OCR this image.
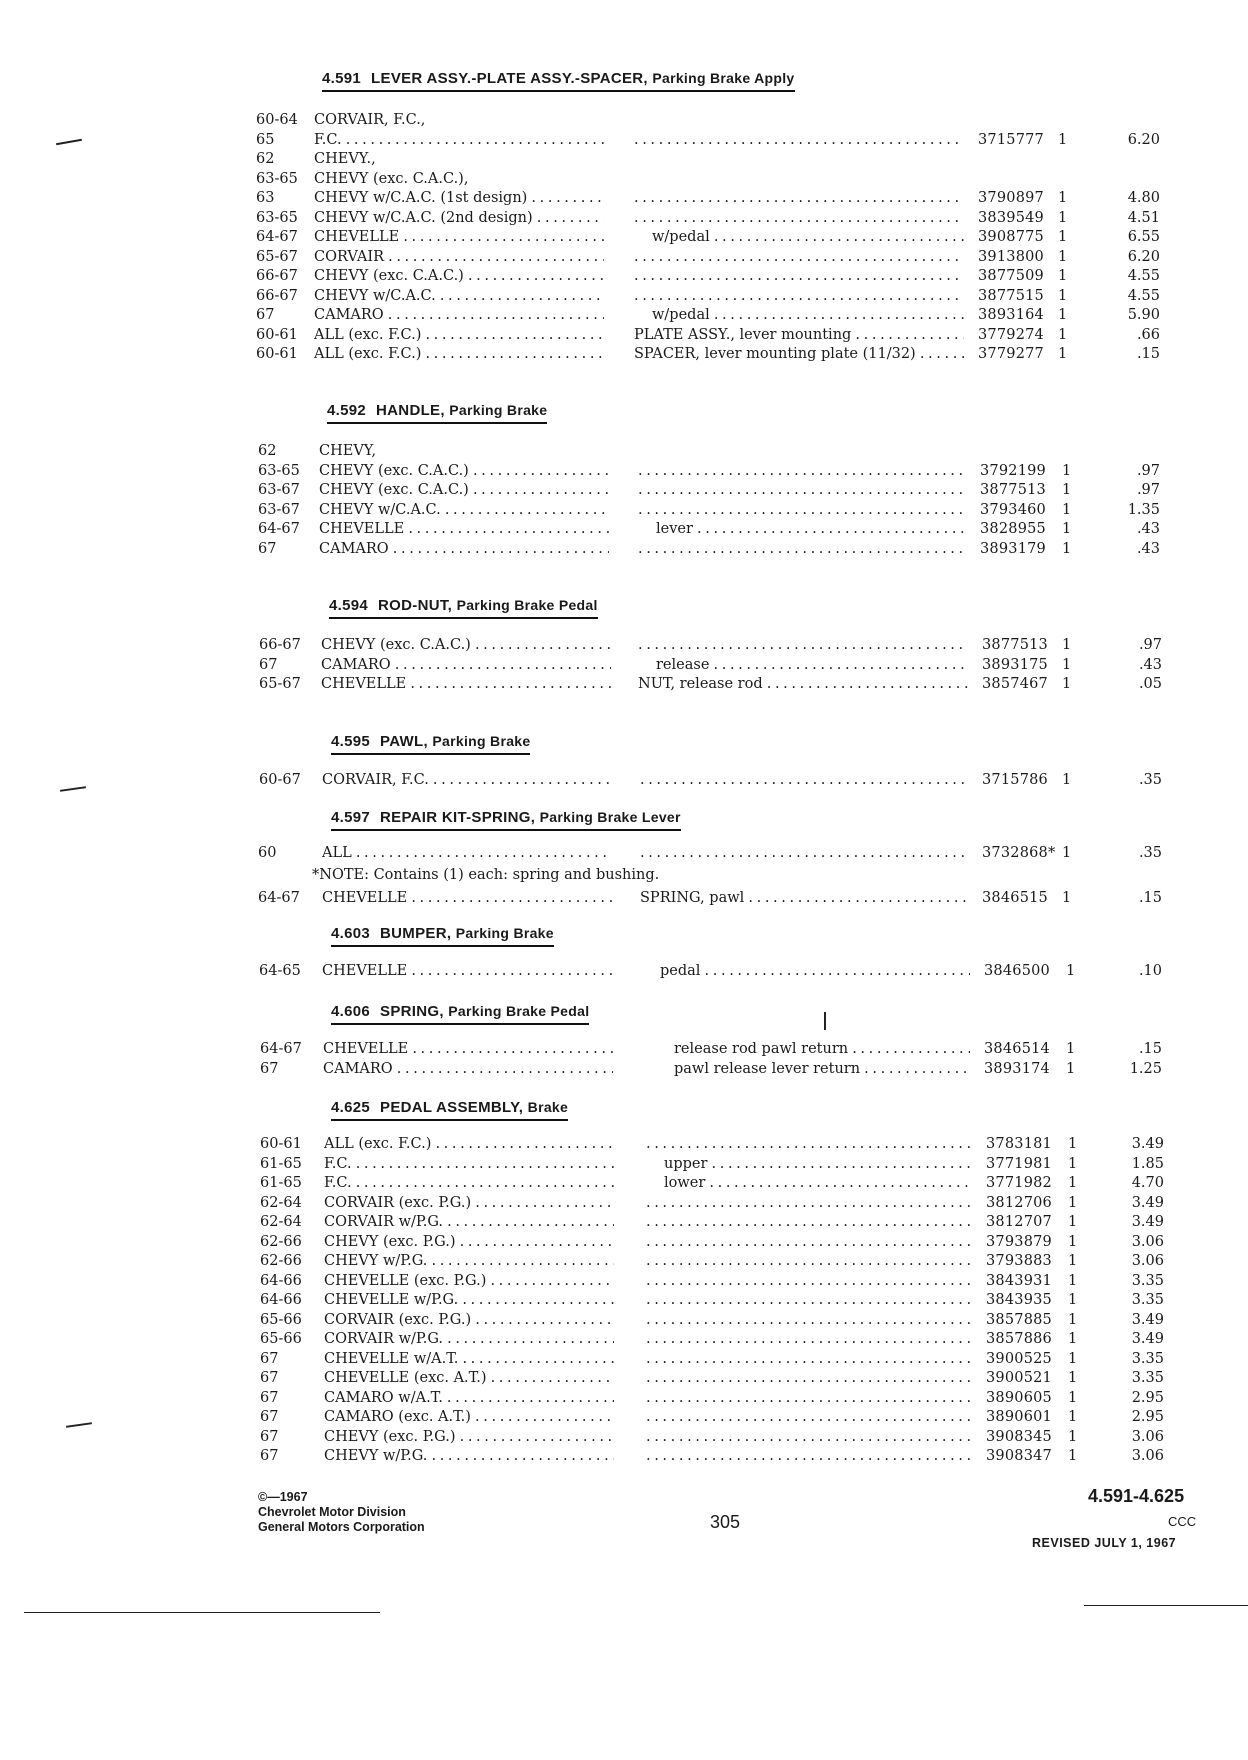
4.591 LEVER ASSY.-PLATE ASSY.-SPACER, Parking Brake Apply
60-64 CORVAIR, F.C.,
65	F.C. . . . . . .	3715777 1	6.20
62	CHEVY.,
63-65 CHEVY (exc. C.A.C.),
63	CHEVY w/C.A.C. (1st design) . . . . . .	3790897 1	4.80
63-65 CHEVY w/C.A.C. (2nd design) . . . . . .	3839549 1	4.51
64-67 CHEVELLE . . .	w/pedal . . .	3908775 1	6.55
65-67 CORVAIR . . . . . .	3913800 1	6.20
66-67 CHEVY (exc. C.A.C.) . . . . . .	3877509 1	4.55
66-67 CHEVY w/C.A.C. . . . . . .	3877515 1	4.55
67	CAMARO . . .	w/pedal . . .	3893164 1	5.90
60-61 ALL (exc. F.C.) . . .	PLATE ASSY., lever mounting . . .	3779274 1	.66
60-61 ALL (exc. F.C.) . . .	SPACER, lever mounting plate (11/32) . . .	3779277 1	.15
4.592 HANDLE, Parking Brake
62	CHEVY,
63-65 CHEVY (exc. C.A.C.) . . . . . .	3792199 1	.97
63-67 CHEVY (exc. C.A.C.) . . . . . .	3877513 1	.97
63-67 CHEVY w/C.A.C. . . . . . .	3793460 1	1.35
64-67 CHEVELLE . . .	lever . . .	3828955 1	.43
67	CAMARO . . . . . .	3893179 1	.43
4.594 ROD-NUT, Parking Brake Pedal
66-67 CHEVY (exc. C.A.C.) . . . . . .	3877513 1	.97
67	CAMARO . . .	release . . .	3893175 1	.43
65-67 CHEVELLE . . .	NUT, release rod . . .	3857467 1	.05
4.595 PAWL, Parking Brake
60-67 CORVAIR, F.C. . . . . . .	3715786 1	.35
4.597 REPAIR KIT-SPRING, Parking Brake Lever
60	ALL . . . . . .	3732868* 1	.35
64-67 CHEVELLE . . .	SPRING, pawl . . .	3846515 1	.15
*NOTE: Contains (1) each: spring and bushing.
4.603 BUMPER, Parking Brake
64-65 CHEVELLE . . .	pedal . . .	3846500 1	.10
4.606 SPRING, Parking Brake Pedal
64-67 CHEVELLE . . .	release rod pawl return . . .	3846514 1	.15
67	CAMARO . . .	pawl release lever return . . .	3893174 1	1.25
4.625 PEDAL ASSEMBLY, Brake
60-61 ALL (exc. F.C.) . . . . . .	3783181 1	3.49
61-65 F.C. . . .	upper . . .	3771981 1	1.85
61-65 F.C. . . .	lower . . .	3771982 1	4.70
62-64 CORVAIR (exc. P.G.) . . . . . .	3812706 1	3.49
62-64 CORVAIR w/P.G. . . . . . .	3812707 1	3.49
62-66 CHEVY (exc. P.G.) . . . . . .	3793879 1	3.06
62-66 CHEVY w/P.G. . . . . . .	3793883 1	3.06
64-66 CHEVELLE (exc. P.G.) . . . . . .	3843931 1	3.35
64-66 CHEVELLE w/P.G. . . . . . .	3843935 1	3.35
65-66 CORVAIR (exc. P.G.) . . . . . .	3857885 1	3.49
65-66 CORVAIR w/P.G. . . . . . .	3857886 1	3.49
67	CHEVELLE w/A.T. . . . . . .	3900525 1	3.35
67	CHEVELLE (exc. A.T.) . . . . . .	3900521 1	3.35
67	CAMARO w/A.T. . . . . . .	3890605 1	2.95
67	CAMARO (exc. A.T.) . . . . . .	3890601 1	2.95
67	CHEVY (exc. P.G.) . . . . . .	3908345 1	3.06
67	CHEVY w/P.G. . . . . . .	3908347 1	3.06
©—1967
Chevrolet Motor Division
General Motors Corporation	305
4.591-4.625
CCC
REVISED JULY 1, 1967
